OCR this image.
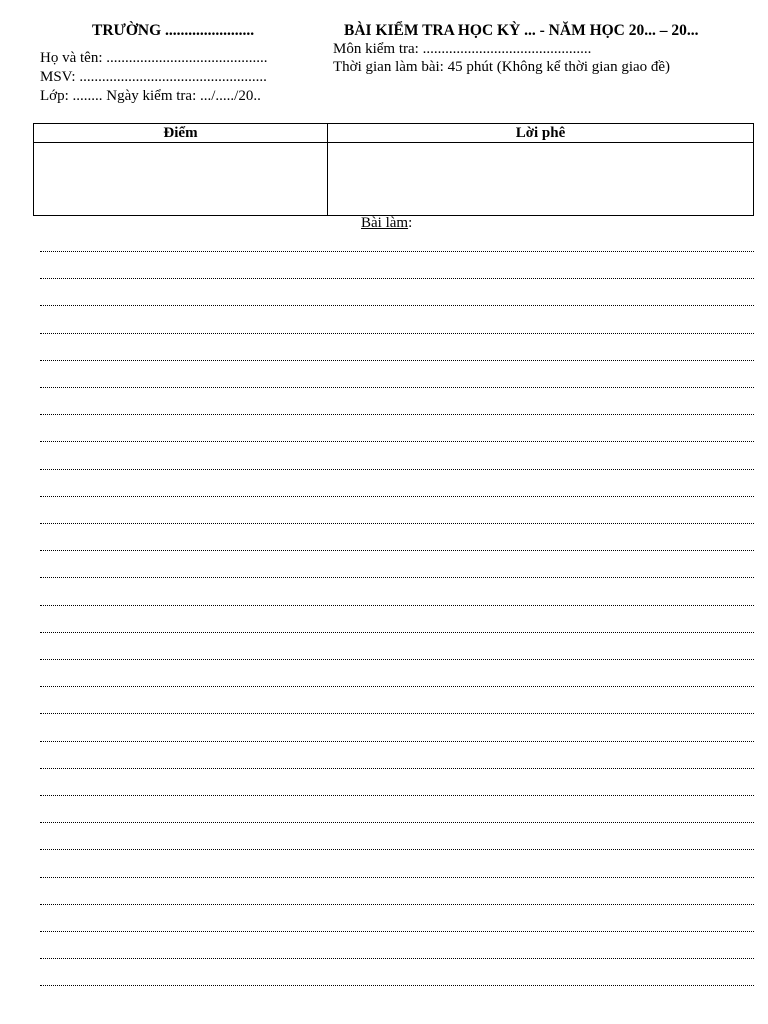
TRƯỜNG .......................	BÀI KIỂM TRA HỌC KỲ ... - NĂM HỌC 20... – 20...
Môn kiểm tra: .............................................
Thời gian làm bài: 45 phút (Không kể thời gian giao đề)
Họ và tên: ...........................................
MSV: ..................................................
Lớp: ........ Ngày kiểm tra: .../...../20..
Điểm	Lời phê

Bài làm:
